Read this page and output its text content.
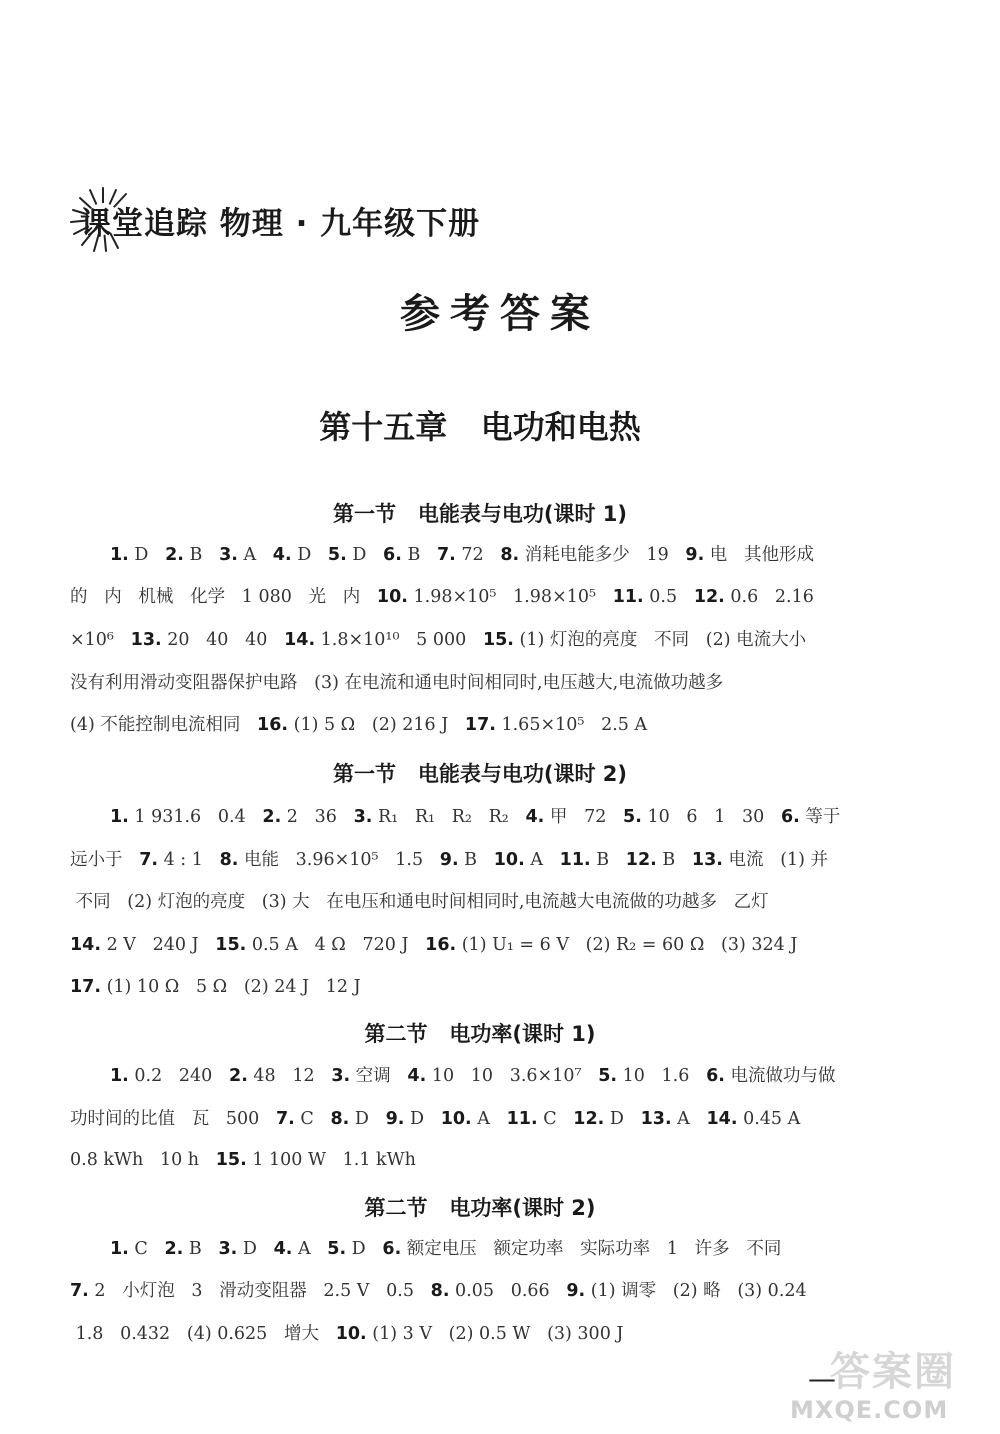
课堂追踪 物理 · 九年级下册
参考答案
第十五章   电功和电热
第一节   电能表与电功(课时 1)
1. D   2. B   3. A   4. D   5. D   6. B   7. 72   8. 消耗电能多少   19   9. 电   其他形成
的   内   机械   化学   1 080   光   内   10. 1.98×10⁵   1.98×10⁵   11. 0.5   12. 0.6   2.16
×10⁶   13. 20   40   40   14. 1.8×10¹⁰   5 000   15. (1) 灯泡的亮度   不同   (2) 电流大小
没有利用滑动变阻器保护电路   (3) 在电流和通电时间相同时,电压越大,电流做功越多
(4) 不能控制电流相同   16. (1) 5 Ω   (2) 216 J   17. 1.65×10⁵   2.5 A
第一节   电能表与电功(课时 2)
1. 1 931.6   0.4   2. 2   36   3. R₁   R₁   R₂   R₂   4. 甲   72   5. 10   6   1   30   6. 等于
远小于   7. 4 : 1   8. 电能   3.96×10⁵   1.5   9. B   10. A   11. B   12. B   13. 电流   (1) 并
不同   (2) 灯泡的亮度   (3) 大   在电压和通电时间相同时,电流越大电流做的功越多   乙灯
14. 2 V   240 J   15. 0.5 A   4 Ω   720 J   16. (1) U₁ = 6 V   (2) R₂ = 60 Ω   (3) 324 J
17. (1) 10 Ω   5 Ω   (2) 24 J   12 J
第二节   电功率(课时 1)
1. 0.2   240   2. 48   12   3. 空调   4. 10   10   3.6×10⁷   5. 10   1.6   6. 电流做功与做
功时间的比值   瓦   500   7. C   8. D   9. D   10. A   11. C   12. D   13. A   14. 0.45 A
0.8 kWh   10 h   15. 1 100 W   1.1 kWh
第二节   电功率(课时 2)
1. C   2. B   3. D   4. A   5. D   6. 额定电压   额定功率   实际功率   1   许多   不同
7. 2   小灯泡   3   滑动变阻器   2.5 V   0.5   8. 0.05   0.66   9. (1) 调零   (2) 略   (3) 0.24
1.8   0.432   (4) 0.625   增大   10. (1) 3 V   (2) 0.5 W   (3) 300 J
—
答案圈
MXQE.COM
